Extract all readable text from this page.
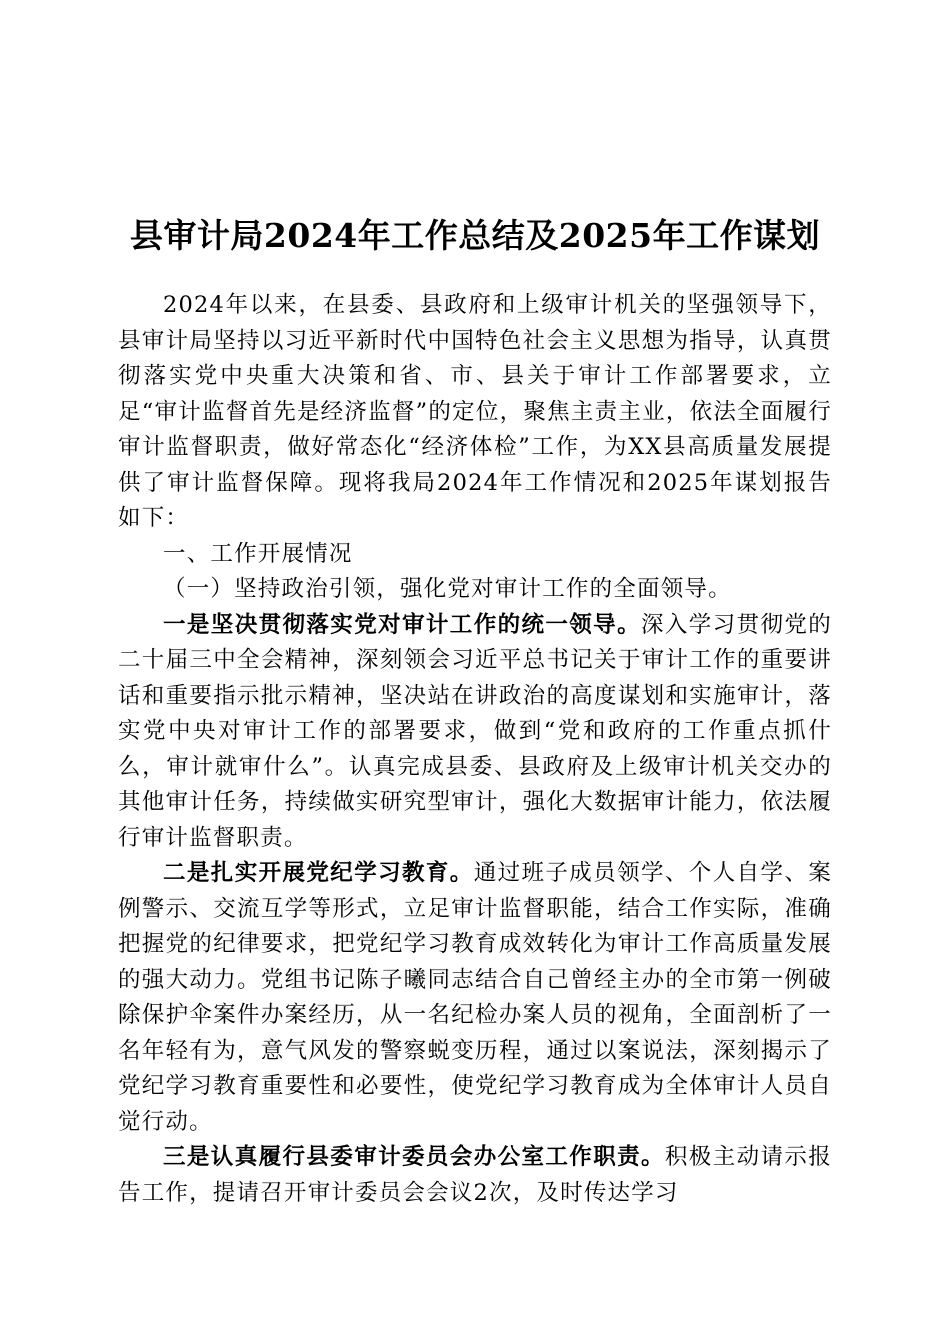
县审计局2024年工作总结及2025年工作谋划

2024年以来，在县委、县政府和上级审计机关的坚强领导下，县审计局坚持以习近平新时代中国特色社会主义思想为指导，认真贯彻落实党中央重大决策和省、市、县关于审计工作部署要求，立足“审计监督首先是经济监督”的定位，聚焦主责主业，依法全面履行审计监督职责，做好常态化“经济体检”工作，为XX县高质量发展提供了审计监督保障。现将我局2024年工作情况和2025年谋划报告如下：

一、工作开展情况

（一）坚持政治引领，强化党对审计工作的全面领导。

一是坚决贯彻落实党对审计工作的统一领导。深入学习贯彻党的二十届三中全会精神，深刻领会习近平总书记关于审计工作的重要讲话和重要指示批示精神，坚决站在讲政治的高度谋划和实施审计，落实党中央对审计工作的部署要求，做到“党和政府的工作重点抓什么，审计就审什么”。认真完成县委、县政府及上级审计机关交办的其他审计任务，持续做实研究型审计，强化大数据审计能力，依法履行审计监督职责。

二是扎实开展党纪学习教育。通过班子成员领学、个人自学、案例警示、交流互学等形式，立足审计监督职能，结合工作实际，准确把握党的纪律要求，把党纪学习教育成效转化为审计工作高质量发展的强大动力。党组书记陈子曦同志结合自己曾经主办的全市第一例破除保护伞案件办案经历，从一名纪检办案人员的视角，全面剖析了一名年轻有为，意气风发的警察蜕变历程，通过以案说法，深刻揭示了党纪学习教育重要性和必要性，使党纪学习教育成为全体审计人员自觉行动。

三是认真履行县委审计委员会办公室工作职责。积极主动请示报告工作，提请召开审计委员会会议2次，及时传达学习
